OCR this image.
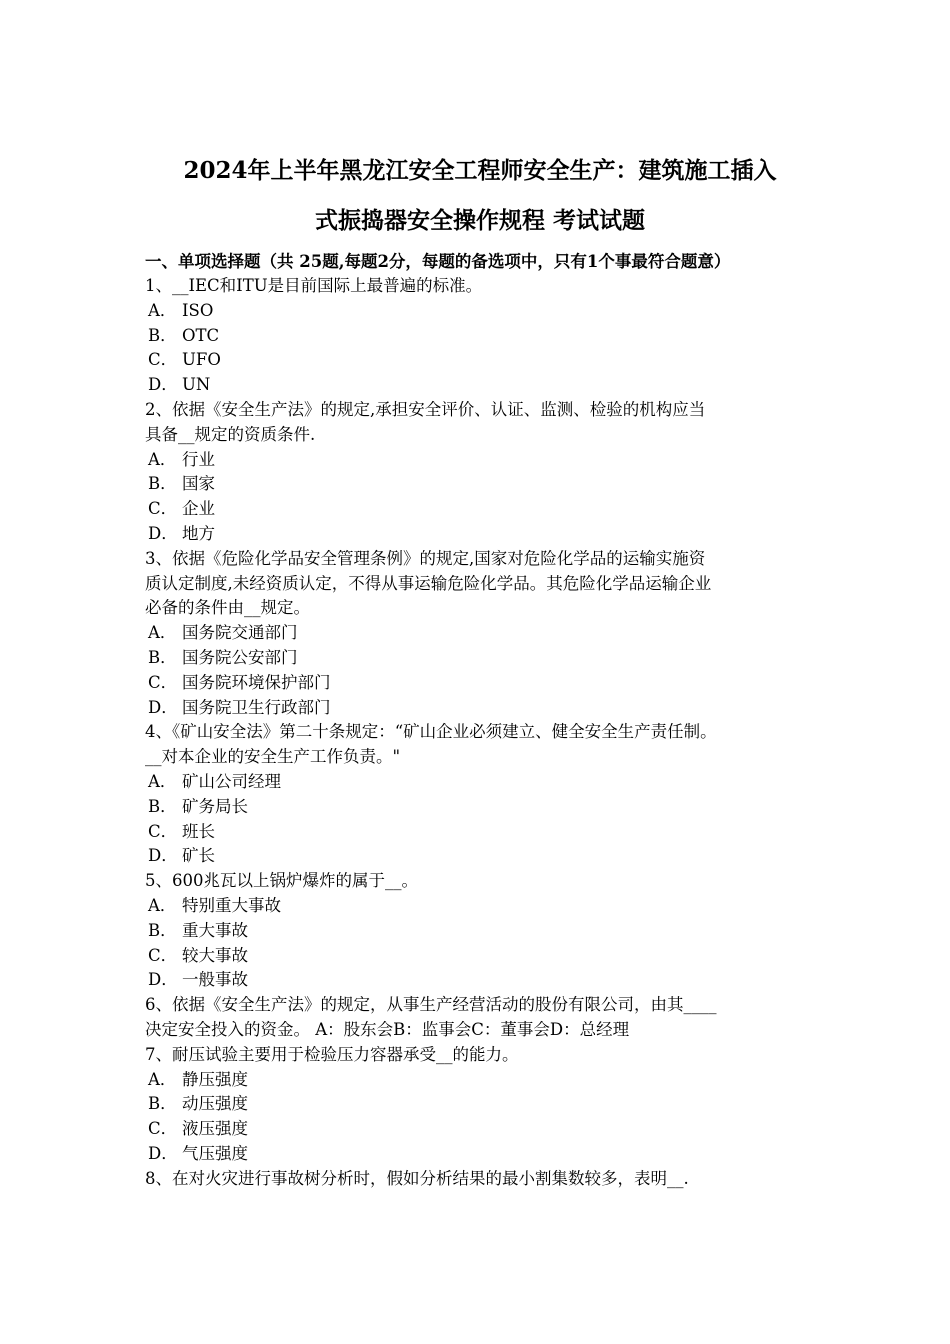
2024年上半年黑龙江安全工程师安全生产：建筑施工插入
式振捣器安全操作规程 考试试题
一、单项选择题（共 25题,每题2分，每题的备选项中，只有1个事最符合题意）
1、__IEC和ITU是目前国际上最普遍的标准。
A． ISO
B． OTC
C． UFO
D． UN
2、依据《安全生产法》的规定,承担安全评价、认证、监测、检验的机构应当
具备__规定的资质条件.
A． 行业
B． 国家
C． 企业
D． 地方
3、依据《危险化学品安全管理条例》的规定,国家对危险化学品的运输实施资
质认定制度,未经资质认定，不得从事运输危险化学品。其危险化学品运输企业
必备的条件由__规定。
A． 国务院交通部门
B． 国务院公安部门
C． 国务院环境保护部门
D． 国务院卫生行政部门
4、《矿山安全法》第二十条规定：“矿山企业必须建立、健全安全生产责任制。
__对本企业的安全生产工作负责。"
A． 矿山公司经理
B． 矿务局长
C． 班长
D． 矿长
5、600兆瓦以上锅炉爆炸的属于__。
A． 特别重大事故
B． 重大事故
C． 较大事故
D． 一般事故
6、依据《安全生产法》的规定，从事生产经营活动的股份有限公司，由其____
决定安全投入的资金。 A：股东会B：监事会C：董事会D：总经理
7、耐压试验主要用于检验压力容器承受__的能力。
A． 静压强度
B． 动压强度
C． 液压强度
D． 气压强度
8、在对火灾进行事故树分析时，假如分析结果的最小割集数较多，表明__.
